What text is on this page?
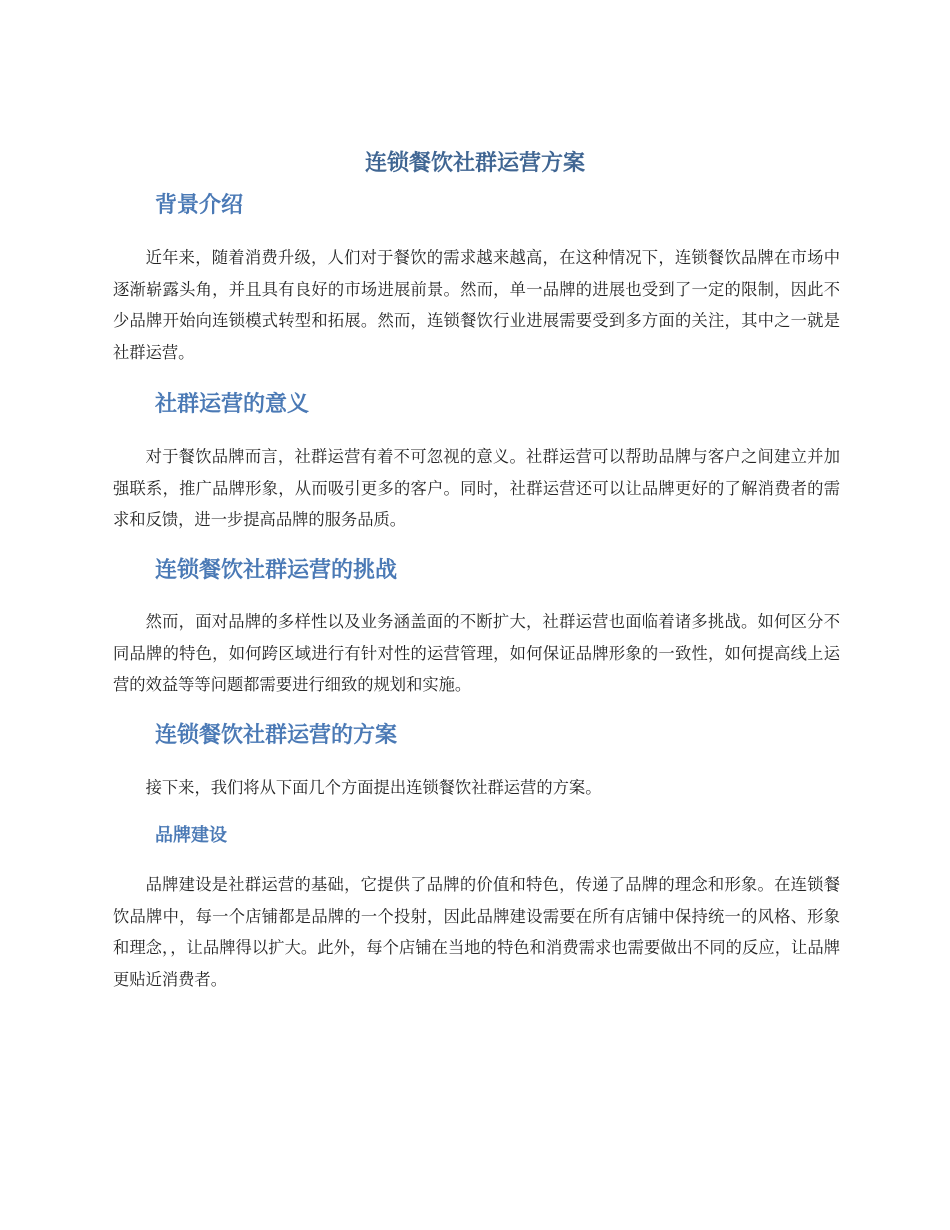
连锁餐饮社群运营方案
背景介绍

近年来，随着消费升级，人们对于餐饮的需求越来越高，在这种情况下，连锁餐饮品牌在市场中逐渐崭露头角，并且具有良好的市场进展前景。然而，单一品牌的进展也受到了一定的限制，因此不少品牌开始向连锁模式转型和拓展。然而，连锁餐饮行业进展需要受到多方面的关注，其中之一就是社群运营。

社群运营的意义

对于餐饮品牌而言，社群运营有着不可忽视的意义。社群运营可以帮助品牌与客户之间建立并加强联系，推广品牌形象，从而吸引更多的客户。同时，社群运营还可以让品牌更好的了解消费者的需求和反馈，进一步提高品牌的服务品质。

连锁餐饮社群运营的挑战

然而，面对品牌的多样性以及业务涵盖面的不断扩大，社群运营也面临着诸多挑战。如何区分不同品牌的特色，如何跨区域进行有针对性的运营管理，如何保证品牌形象的一致性，如何提高线上运营的效益等等问题都需要进行细致的规划和实施。

连锁餐饮社群运营的方案

接下来，我们将从下面几个方面提出连锁餐饮社群运营的方案。

品牌建设

品牌建设是社群运营的基础，它提供了品牌的价值和特色，传递了品牌的理念和形象。在连锁餐饮品牌中，每一个店铺都是品牌的一个投射，因此品牌建设需要在所有店铺中保持统一的风格、形象和理念，，让品牌得以扩大。此外，每个店铺在当地的特色和消费需求也需要做出不同的反应，让品牌更贴近消费者。
